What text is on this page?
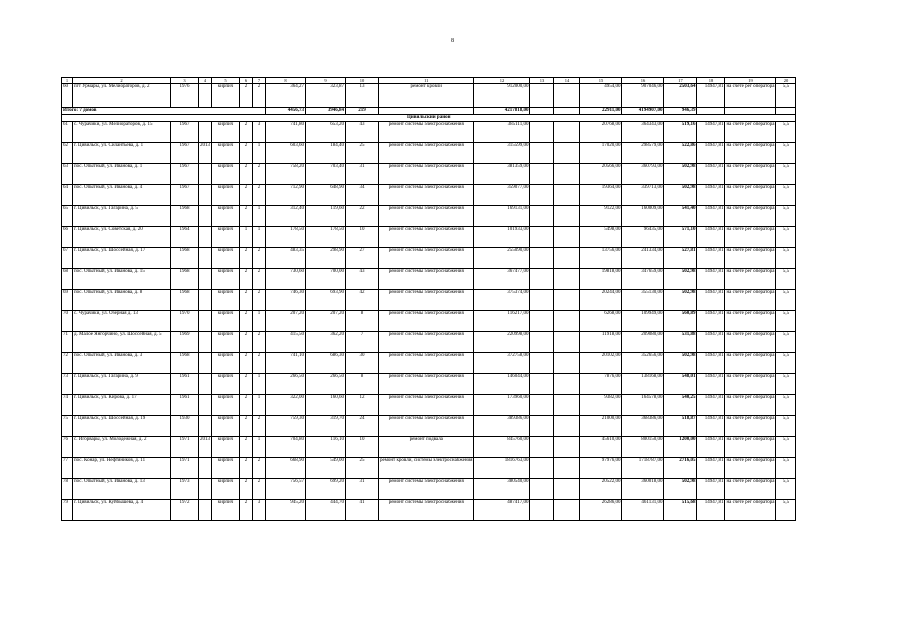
8
1	2	3	4	5	6	7	8	9	10	11	12	13	14	15	16	17	18	19	20
60	пгт Урмары, ул. Мелиораторов, д. 2	1976		кирпич	2	2	364,27	323,87	13	ремонт кровли	912000,00			4954,00	907046,00	2503,64	14947,81	на счете рег оператора	5,5
Итого: 7 домов							4456,73	3946,84	219		4217818,00			22911,00	4194907,00	946,39			
Цивильский район																			
61	с. Чурачики, ул. Мелиораторов, д. 15	1967		кирпич	2	3	741,80	653,20	43	ремонт системы электроснабжения	385111,00			20768,00	364343,00	519,16	14947,81	на счете рег оператора	5,5
62	г. Цивильск, ул. Силантьева, д. 1	1967	2013	кирпич	2	1	603,60	184,40	25	ремонт системы электроснабжения	315599,00			17020,00	298579,00	522,86	14947,81	на счете рег оператора	5,5
63	пос. Опытный, ул. Иванова, д. 1	1967		кирпич	2	2	758,20	703,40	31	ремонт системы электроснабжения	381359,00			20566,00	360793,00	502,98	14947,81	на счете рег оператора	5,5
64	пос. Опытный, ул. Иванова, д. 4	1967		кирпич	2	2	712,90	648,90	34	ремонт системы электроснабжения	359077,00			19364,00	339713,00	502,98	14947,81	на счете рег оператора	5,5
65	г. Цивильск, ул. Гагарина, д. 5	1968		кирпич	2	1	312,40	119,60	22	ремонт системы электроснабжения	169131,00			9122,00	160009,00	541,40	14947,81	на счете рег оператора	5,5
66	г. Цивильск, ул. Советская, д. 20	1964		кирпич	1	1	178,50	178,50	10	ремонт системы электроснабжения	101933,00			5498,00	96435,00	571,10	14947,81	на счете рег оператора	5,5
67	г. Цивильск, ул. Шоссейная, д. 17	1968		кирпич	2	2	483,35	298,90	27	ремонт системы электроснабжения	255090,00			13756,00	241334,00	527,81	14947,81	на счете рег оператора	5,5
68	пос. Опытный, ул. Иванова, д. 15	1968		кирпич	2	2	730,60	700,00	43	ремонт системы электроснабжения	367477,00			19818,00	347659,00	502,98	14947,81	на счете рег оператора	5,5
69	пос. Опытный, ул. Иванова, д. 8	1968		кирпич	2	2	746,30	693,90	42	ремонт системы электроснабжения	375374,00			20244,00	355130,00	502,98	14947,81	на счете рег оператора	5,5
70	с. Чурачики, ул. Озерная д. 13	1970		кирпич	2	1	207,20	207,20	8	ремонт системы электроснабжения	116217,00			6268,00	109949,00	560,89	14947,81	на счете рег оператора	5,5
71	д. Малое Янгорчино, ул. Шоссейная, д. 5	1969		кирпич	2	2	415,50	362,20	7	ремонт системы электроснабжения	220998,00			11918,00	209080,00	531,88	14947,81	на счете рег оператора	5,5
72	пос. Опытный, ул. Иванова, д. 3	1968		кирпич	2	2	741,10	686,30	30	ремонт системы электроснабжения	372758,00			20102,00	352656,00	502,98	14947,81	на счете рег оператора	5,5
73	г. Цивильск, ул. Гагарина, д. 9	1961		кирпич	2	1	266,50	266,50	8	ремонт системы электроснабжения	146044,00			7876,00	138168,00	548,01	14947,81	на счете рег оператора	5,5
74	г. Цивильск, ул. Кирова, д. 17	1961		кирпич	2	1	322,00	160,60	12	ремонт системы электроснабжения	173960,00			9382,00	164578,00	540,25	14947,81	на счете рег оператора	5,5
75	г. Цивильск, ул. Шоссейная, д. 19	1930		кирпич	2	2	759,30	319,70	24	ремонт системы электроснабжения	389386,00			21000,00	368386,00	518,87	14947,81	на счете рег оператора	5,5
76	с. Игорвары, ул. Молодежная, д. 2	1971	2013	кирпич	2	1	704,80	116,10	10	ремонт подвала	845760,00			45610,00	800150,00	1200,00	14947,81	на счете рег оператора	5,5
77	пос. Конар, ул. Нефтяников, д. 11	1971		кирпич	2	2	668,90	549,00	25	ремонт кровли, системы электроснабжения	1816763,00			97976,00	1718787,00	2716,05	14947,81	на счете рег оператора	5,5
78	пос. Опытный, ул. Иванова, д. 13	1973		кирпич	2	2	756,57	699,20	31	ремонт системы электроснабжения	380540,00			20522,00	360018,00	502,98	14947,81	на счете рег оператора	5,5
79	г. Цивильск, ул. Куйбышева, д. 4	1972		кирпич	2	3	945,20	444,70	41	ремонт системы электроснабжения	487417,00			26286,00	461131,00	515,68	14947,81	на счете рег оператора	5,5
